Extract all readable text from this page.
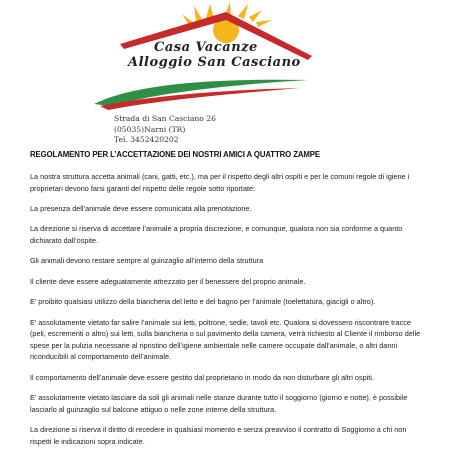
Casa Vacanze
Alloggio San Casciano
Strada di San Casciano 26
(05035)Narni (TR)
Tel. 3452420202
REGOLAMENTO PER L’ACCETTAZIONE DEI NOSTRI AMICI A QUATTRO ZAMPE

La nostra struttura accetta animali (cani, gatti, etc.), ma per il rispetto degli altri ospiti e per le comuni regole di igiene i proprietari devono farsi garanti del rispetto delle regole sotto riportate:

La presenza dell’animale deve essere comunicata alla prenotazione.

La direzione si riserva di accettare l’animale a propria discrezione, e comunque, qualora non sia conforme a quanto dichiarato dall’ospite.

Gli animali devono restare sempre al guinzaglio all’interno della struttura

Il cliente deve essere adeguatamente attrezzato per il benessere del proprio animale.

E’ proibito qualsiasi utilizzo della biancheria del letto e del bagno per l’animale (toelettatura, giacigli o altro).

E’ assolutamente vietato far salire l’animale sui letti, poltrone, sedie, tavoli etc. Qualora si dovessero riscontrare tracce (peli, escrementi o altro) sui letti, sulla biancheria o sul pavimento della camera, verrà richiesto al Cliente il rimborso delle spese per la pulizia necessarie al ripristino dell’igiene ambientale nelle camere occupate dall’animale, o altri danni riconducibili al comportamento dell’animale.

Il comportamento dell’animale deve essere gestito dal proprietario in modo da non disturbare gli altri ospiti.

E’ assolutamente vietato lasciare da soli gli animali nelle stanze durante tutto il soggiorno (giorno e notte), è possibile lasciarlo al guinzaglio sul balcone attiguo o nelle zone interne della struttura.

La direzione si riserva il diritto di recedere in qualsiasi momento e senza preavviso il contratto di Soggiorno a chi non rispetti le indicazioni sopra indicate.
